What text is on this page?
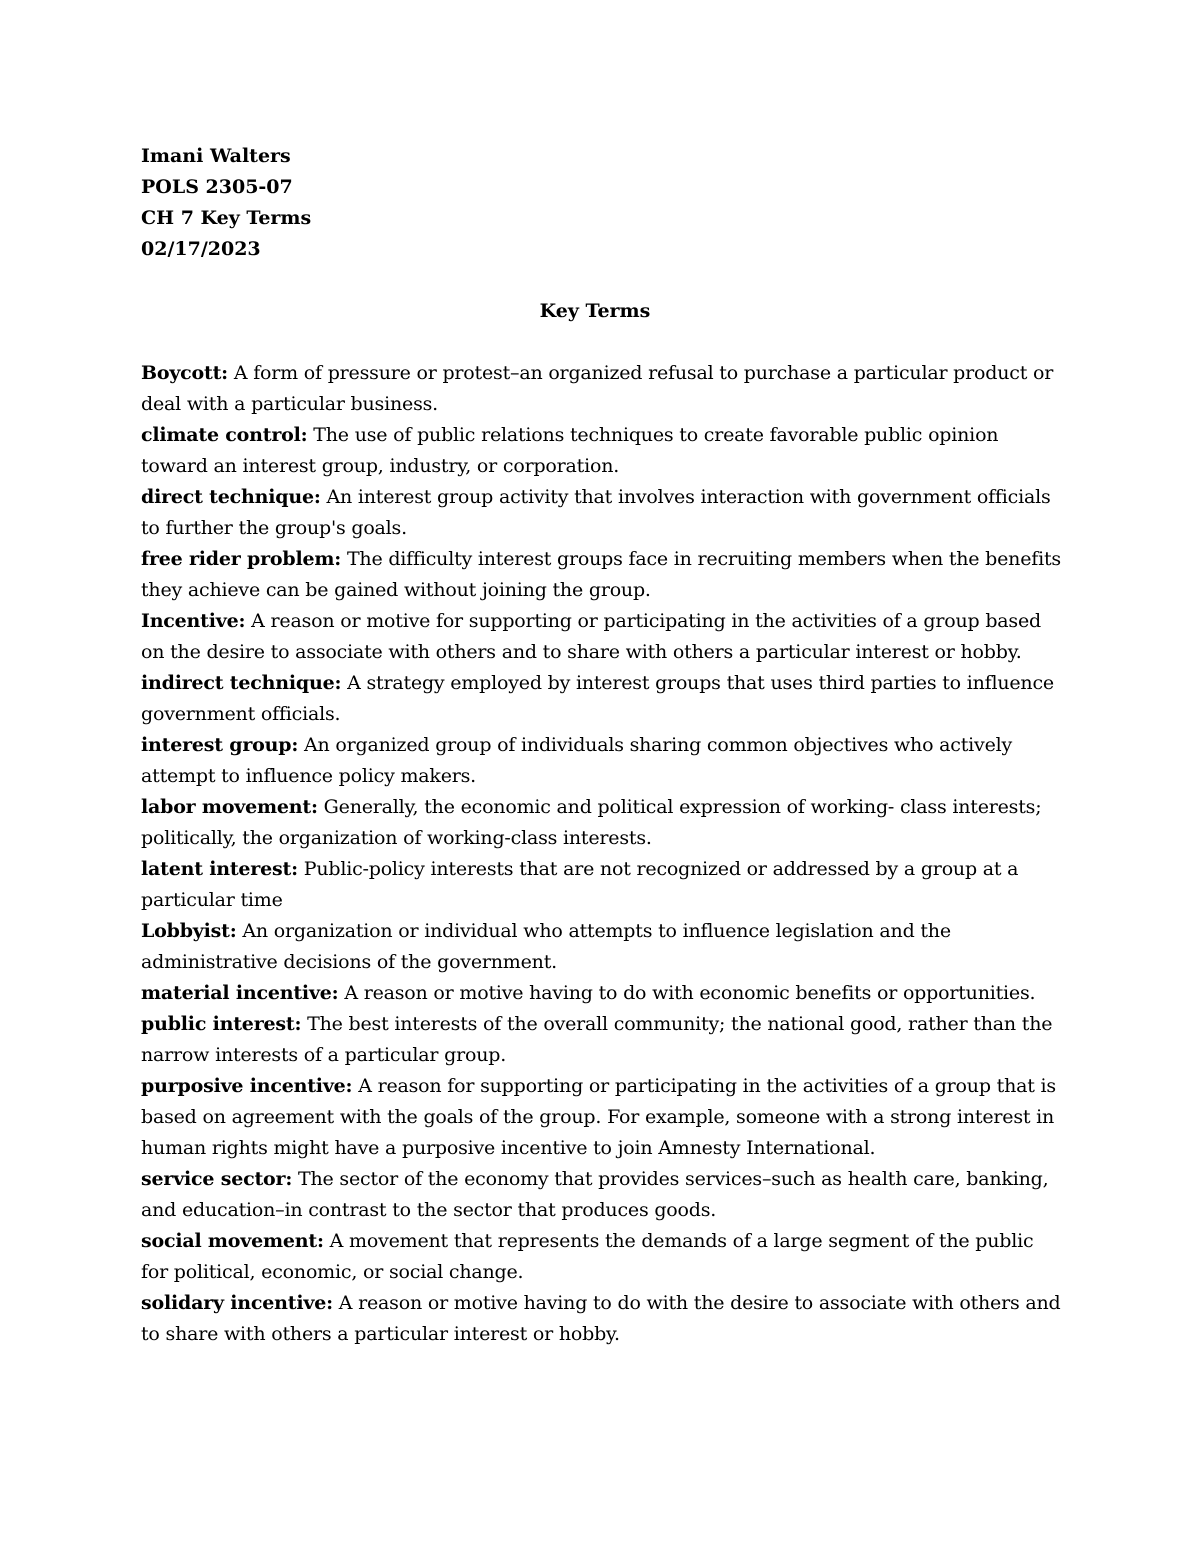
Imani Walters
POLS 2305-07
CH 7 Key Terms
02/17/2023
Key Terms
Boycott: A form of pressure or protest–an organized refusal to purchase a particular product or deal with a particular business.
climate control: The use of public relations techniques to create favorable public opinion toward an interest group, industry, or corporation.
direct technique: An interest group activity that involves interaction with government officials to further the group's goals.
free rider problem: The difficulty interest groups face in recruiting members when the benefits they achieve can be gained without joining the group.
Incentive: A reason or motive for supporting or participating in the activities of a group based on the desire to associate with others and to share with others a particular interest or hobby.
indirect technique: A strategy employed by interest groups that uses third parties to influence government officials.
interest group: An organized group of individuals sharing common objectives who actively attempt to influence policy makers.
labor movement: Generally, the economic and political expression of working- class interests; politically, the organization of working-class interests.
latent interest: Public-policy interests that are not recognized or addressed by a group at a particular time
Lobbyist: An organization or individual who attempts to influence legislation and the administrative decisions of the government.
material incentive: A reason or motive having to do with economic benefits or opportunities.
public interest: The best interests of the overall community; the national good, rather than the narrow interests of a particular group.
purposive incentive: A reason for supporting or participating in the activities of a group that is based on agreement with the goals of the group. For example, someone with a strong interest in human rights might have a purposive incentive to join Amnesty International.
service sector: The sector of the economy that provides services–such as health care, banking, and education–in contrast to the sector that produces goods.
social movement: A movement that represents the demands of a large segment of the public for political, economic, or social change.
solidary incentive: A reason or motive having to do with the desire to associate with others and to share with others a particular interest or hobby.
